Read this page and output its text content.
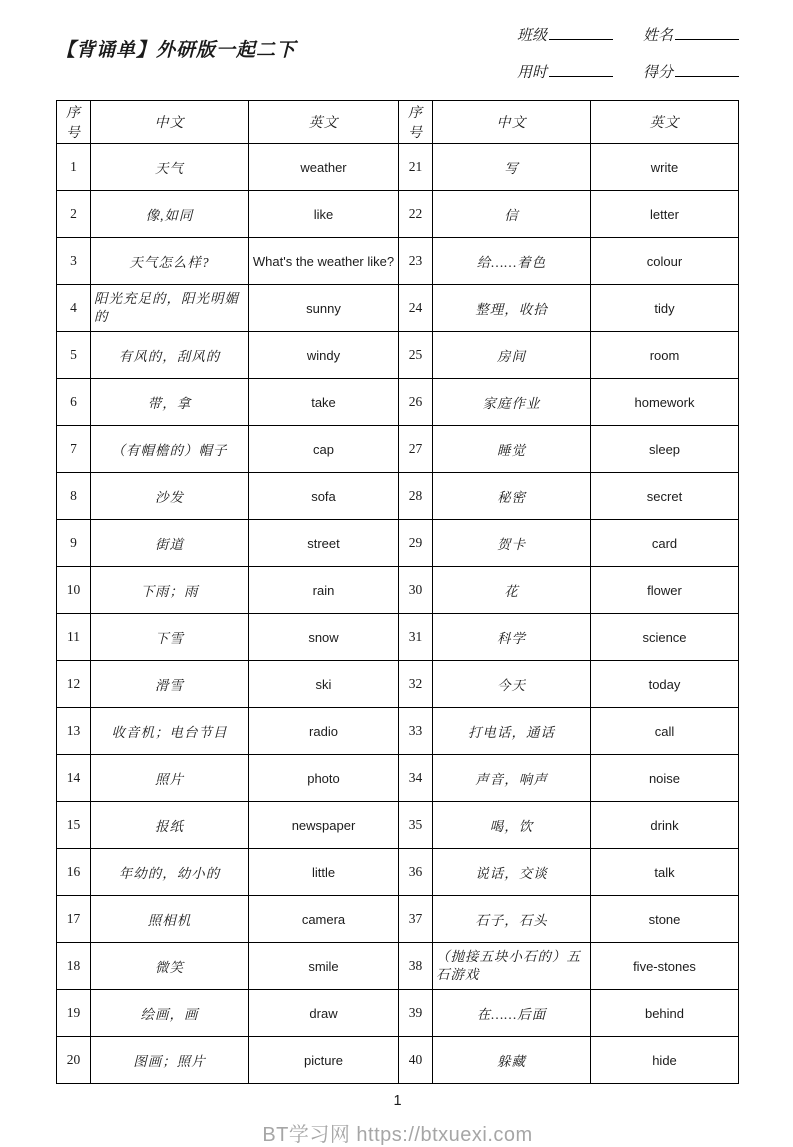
【背诵单】外研版一起二下
班级	姓名
用时	得分
序号	中文	英文	序号	中文	英文
1	天气	weather	21	写	write
2	像,如同	like	22	信	letter
3	天气怎么样?	What's the weather like?	23	给……着色	colour
4	阳光充足的，阳光明媚的	sunny	24	整理，收拾	tidy
5	有风的，刮风的	windy	25	房间	room
6	带，拿	take	26	家庭作业	homework
7	（有帽檐的）帽子	cap	27	睡觉	sleep
8	沙发	sofa	28	秘密	secret
9	街道	street	29	贺卡	card
10	下雨；雨	rain	30	花	flower
11	下雪	snow	31	科学	science
12	滑雪	ski	32	今天	today
13	收音机；电台节目	radio	33	打电话，通话	call
14	照片	photo	34	声音，响声	noise
15	报纸	newspaper	35	喝，饮	drink
16	年幼的，幼小的	little	36	说话，交谈	talk
17	照相机	camera	37	石子，石头	stone
18	微笑	smile	38	（抛接五块小石的）五石游戏	five-stones
19	绘画，画	draw	39	在……后面	behind
20	图画；照片	picture	40	躲藏	hide
1
BT学习网 https://btxuexi.com
